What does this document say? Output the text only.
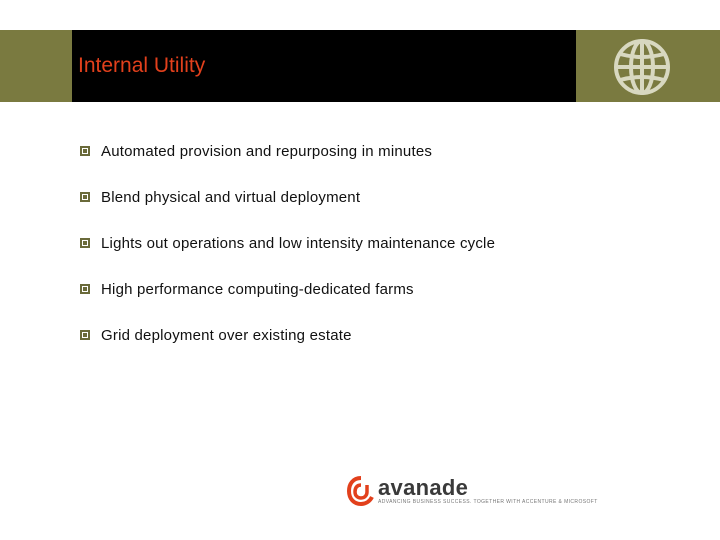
Internal Utility
Automated provision and repurposing in minutes
Blend physical and virtual deployment
Lights out operations and low intensity maintenance cycle
High performance computing-dedicated farms
Grid deployment over existing estate
avanade
ADVANCING BUSINESS SUCCESS. TOGETHER WITH ACCENTURE & MICROSOFT
